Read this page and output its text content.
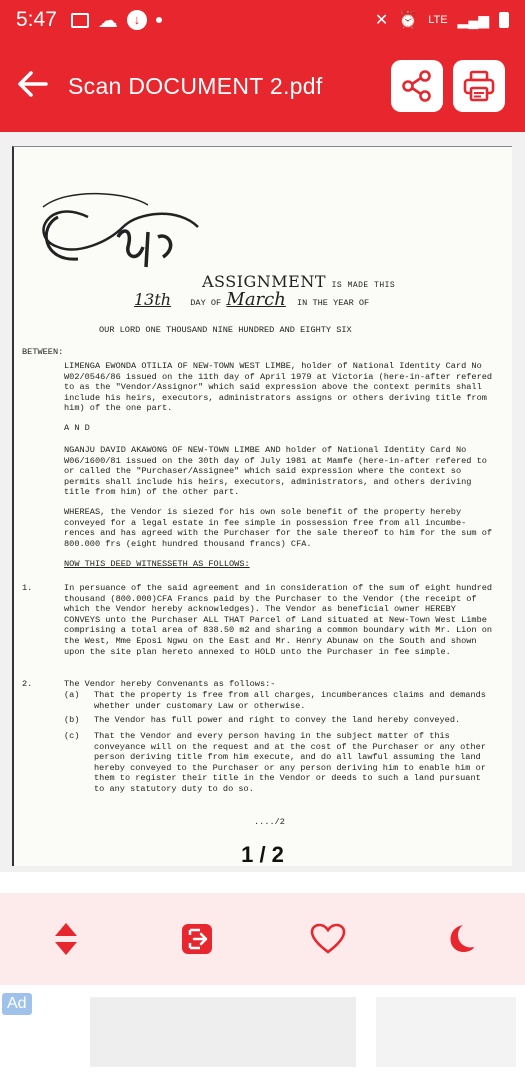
5:47 ☁	↓	✕ ⏰ LTE ▂▄▆
Scan DOCUMENT 2.pdf
ASSIGNMENT IS MADE THIS
13th DAY OF March IN THE YEAR OF
OUR LORD ONE THOUSAND NINE HUNDRED AND EIGHTY SIX
BETWEEN:
LIMENGA EWONDA OTILIA OF NEW-TOWN WEST LIMBE, holder of National Identity Card No W02/0546/86 issued on the 11th day of April 1979 at Victoria (here-in-after refered to as the "Vendor/Assignor" which said expression above the context permits shall include his heirs, executors, administrators assigns or others deriving title from him) of the one part.
A N D
NGANJU DAVID AKAWONG OF NEW-TOWN LIMBE AND holder of National Identity Card No W06/1600/81 issued on the 30th day of July 1981 at Mamfe (here-in-after refered to or called the "Purchaser/Assignee" which said expression where the context so permits shall include his heirs, executors, administrators, and others deriving title from him) of the other part.
WHEREAS, the Vendor is siezed for his own sole benefit of the property hereby conveyed for a legal estate in fee simple in possession free from all incumbe-rences and has agreed with the Purchaser for the sale thereof to him for the sum of 800.000 frs (eight hundred thousand francs) CFA.
NOW THIS DEED WITNESSETH AS FOLLOWS:
1.	In persuance of the said agreement and in consideration of the sum of eight hundred thousand (800.000)CFA Francs paid by the Purchaser to the Vendor (the receipt of which the Vendor hereby acknowledges). The Vendor as beneficial owner HEREBY CONVEYS unto the Purchaser ALL THAT Parcel of Land situated at New-Town West Limbe comprising a total area of 838.50 m2 and sharing a common boundary with Mr. Lion on the West, Mme Eposi Ngwu on the East and Mr. Henry Abunaw on the South and shown upon the site plan hereto annexed to HOLD unto the Purchaser in fee simple.
2.	The Vendor hereby Convenants as follows:-
(a) That the property is free from all charges, incumberances claims and demands whether under customary Law or otherwise.
(b) The Vendor has full power and right to convey the land hereby conveyed.
(c) That the Vendor and every person having in the subject matter of this conveyance will on the request and at the cost of the Purchaser or any other person deriving title from him execute, and do all lawful assuming the land hereby conveyed to the Purchaser or any person deriving him to enable him or them to register their title in the Vendor or deeds to such a land pursuant to any statutory duty to do so.
..../2
1 / 2
Ad
